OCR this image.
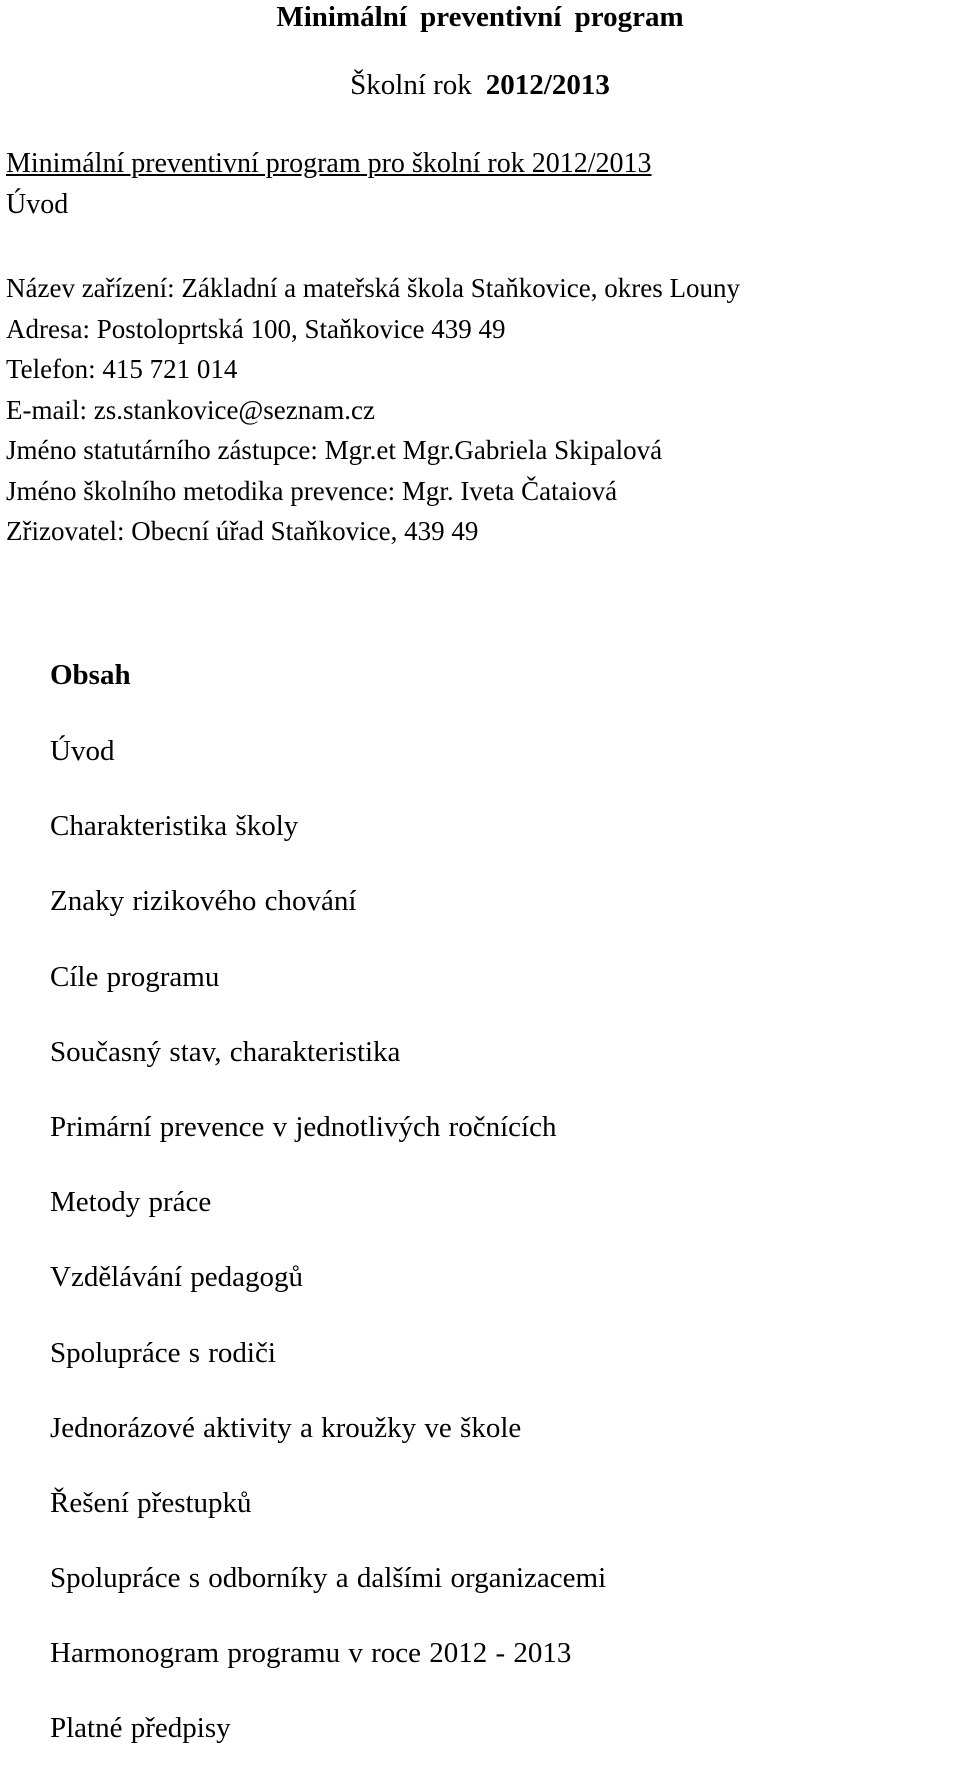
Minimální preventivní program
Školní rok 2012/2013
Minimální preventivní program pro školní rok 2012/2013
Úvod
Název zařízení: Základní a mateřská škola Staňkovice, okres Louny
Adresa: Postoloprtská 100, Staňkovice 439 49
Telefon: 415 721 014
E-mail: zs.stankovice@seznam.cz
Jméno statutárního zástupce: Mgr.et Mgr.Gabriela Skipalová
Jméno školního metodika prevence: Mgr. Iveta Čataiová
Zřizovatel: Obecní úřad Staňkovice, 439 49
Obsah
Úvod
Charakteristika školy
Znaky rizikového chování
Cíle programu
Současný stav, charakteristika
Primární prevence v jednotlivých ročnících
Metody práce
Vzdělávání pedagogů
Spolupráce s rodiči
Jednorázové aktivity a kroužky ve škole
Řešení přestupků
Spolupráce s odborníky a dalšími organizacemi
Harmonogram programu v roce 2012 - 2013
Platné předpisy
